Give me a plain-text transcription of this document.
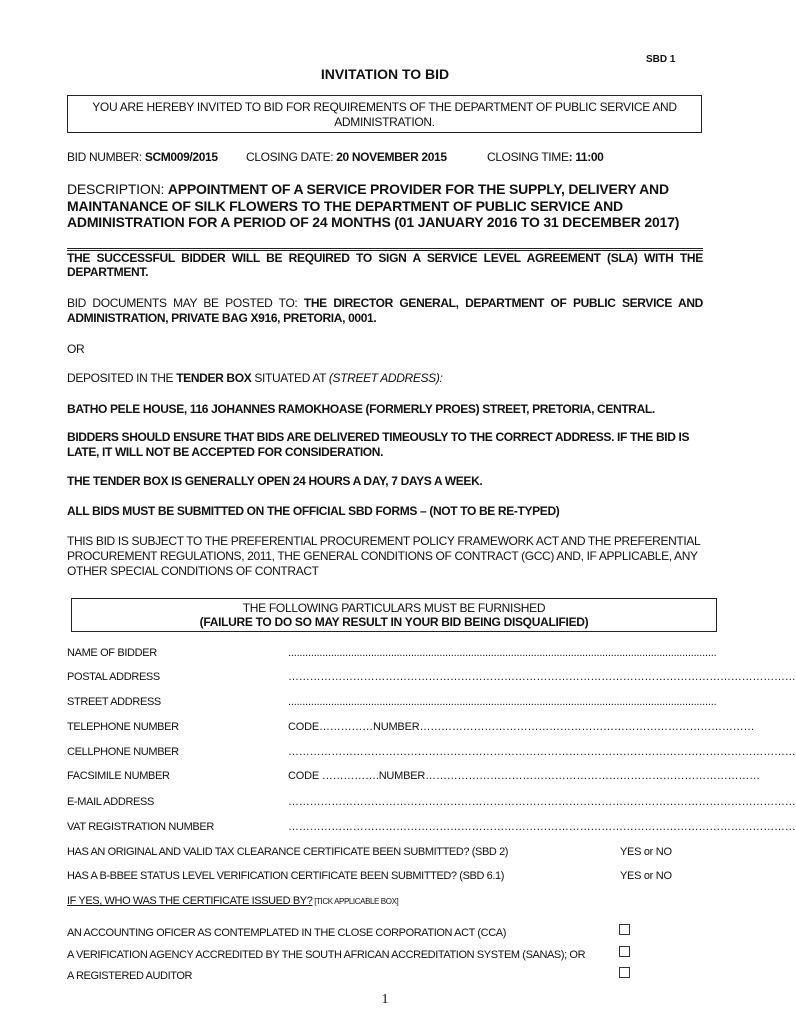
SBD 1
INVITATION TO BID
YOU ARE HEREBY INVITED TO BID FOR REQUIREMENTS OF THE DEPARTMENT OF PUBLIC SERVICE AND ADMINISTRATION.
BID NUMBER: SCM009/2015 CLOSING DATE: 20 NOVEMBER 2015	CLOSING TIME: 11:00
DESCRIPTION: APPOINTMENT OF A SERVICE PROVIDER FOR THE SUPPLY, DELIVERY AND MAINTANANCE OF SILK FLOWERS TO THE DEPARTMENT OF PUBLIC SERVICE AND ADMINISTRATION FOR A PERIOD OF 24 MONTHS (01 JANUARY 2016 TO 31 DECEMBER 2017)
THE SUCCESSFUL BIDDER WILL BE REQUIRED TO SIGN A SERVICE LEVEL AGREEMENT (SLA) WITH THE DEPARTMENT.
BID DOCUMENTS MAY BE POSTED TO: THE DIRECTOR GENERAL, DEPARTMENT OF PUBLIC SERVICE AND ADMINISTRATION, PRIVATE BAG X916, PRETORIA, 0001.
OR
DEPOSITED IN THE TENDER BOX SITUATED AT (STREET ADDRESS):
BATHO PELE HOUSE, 116 JOHANNES RAMOKHOASE (FORMERLY PROES) STREET, PRETORIA, CENTRAL.
BIDDERS SHOULD ENSURE THAT BIDS ARE DELIVERED TIMEOUSLY TO THE CORRECT ADDRESS. IF THE BID IS LATE, IT WILL NOT BE ACCEPTED FOR CONSIDERATION.
THE TENDER BOX IS GENERALLY OPEN 24 HOURS A DAY, 7 DAYS A WEEK.
ALL BIDS MUST BE SUBMITTED ON THE OFFICIAL SBD FORMS – (NOT TO BE RE-TYPED)
THIS BID IS SUBJECT TO THE PREFERENTIAL PROCUREMENT POLICY FRAMEWORK ACT AND THE PREFERENTIAL PROCUREMENT REGULATIONS, 2011, THE GENERAL CONDITIONS OF CONTRACT (GCC) AND, IF APPLICABLE, ANY OTHER SPECIAL CONDITIONS OF CONTRACT
THE FOLLOWING PARTICULARS MUST BE FURNISHED
(FAILURE TO DO SO MAY RESULT IN YOUR BID BEING DISQUALIFIED)
NAME OF BIDDER	......................................................................................................................................................
POSTAL ADDRESS	……………………………………………………………………………………………………………………………
STREET ADDRESS	......................................................................................................................................................
TELEPHONE NUMBER	CODE……………NUMBER…………………………………………………………………………………
CELLPHONE NUMBER	……………………………………………………………………………………………………………………………
FACSIMILE NUMBER	CODE …………….NUMBER…………………………………………………………………………………
E-MAIL ADDRESS	……………………………………………………………………………………………………………………………
VAT REGISTRATION NUMBER	……………………………………………………………………………………………………………………………
HAS AN ORIGINAL AND VALID TAX CLEARANCE CERTIFICATE BEEN SUBMITTED? (SBD 2)	YES or NO
HAS A B-BBEE STATUS LEVEL VERIFICATION CERTIFICATE BEEN SUBMITTED? (SBD 6.1)	YES or NO
IF YES, WHO WAS THE CERTIFICATE ISSUED BY? [TICK APPLICABLE BOX]
AN ACCOUNTING OFICER AS CONTEMPLATED IN THE CLOSE CORPORATION ACT (CCA)
A VERIFICATION AGENCY ACCREDITED BY THE SOUTH AFRICAN ACCREDITATION SYSTEM (SANAS); OR
A REGISTERED AUDITOR
1
